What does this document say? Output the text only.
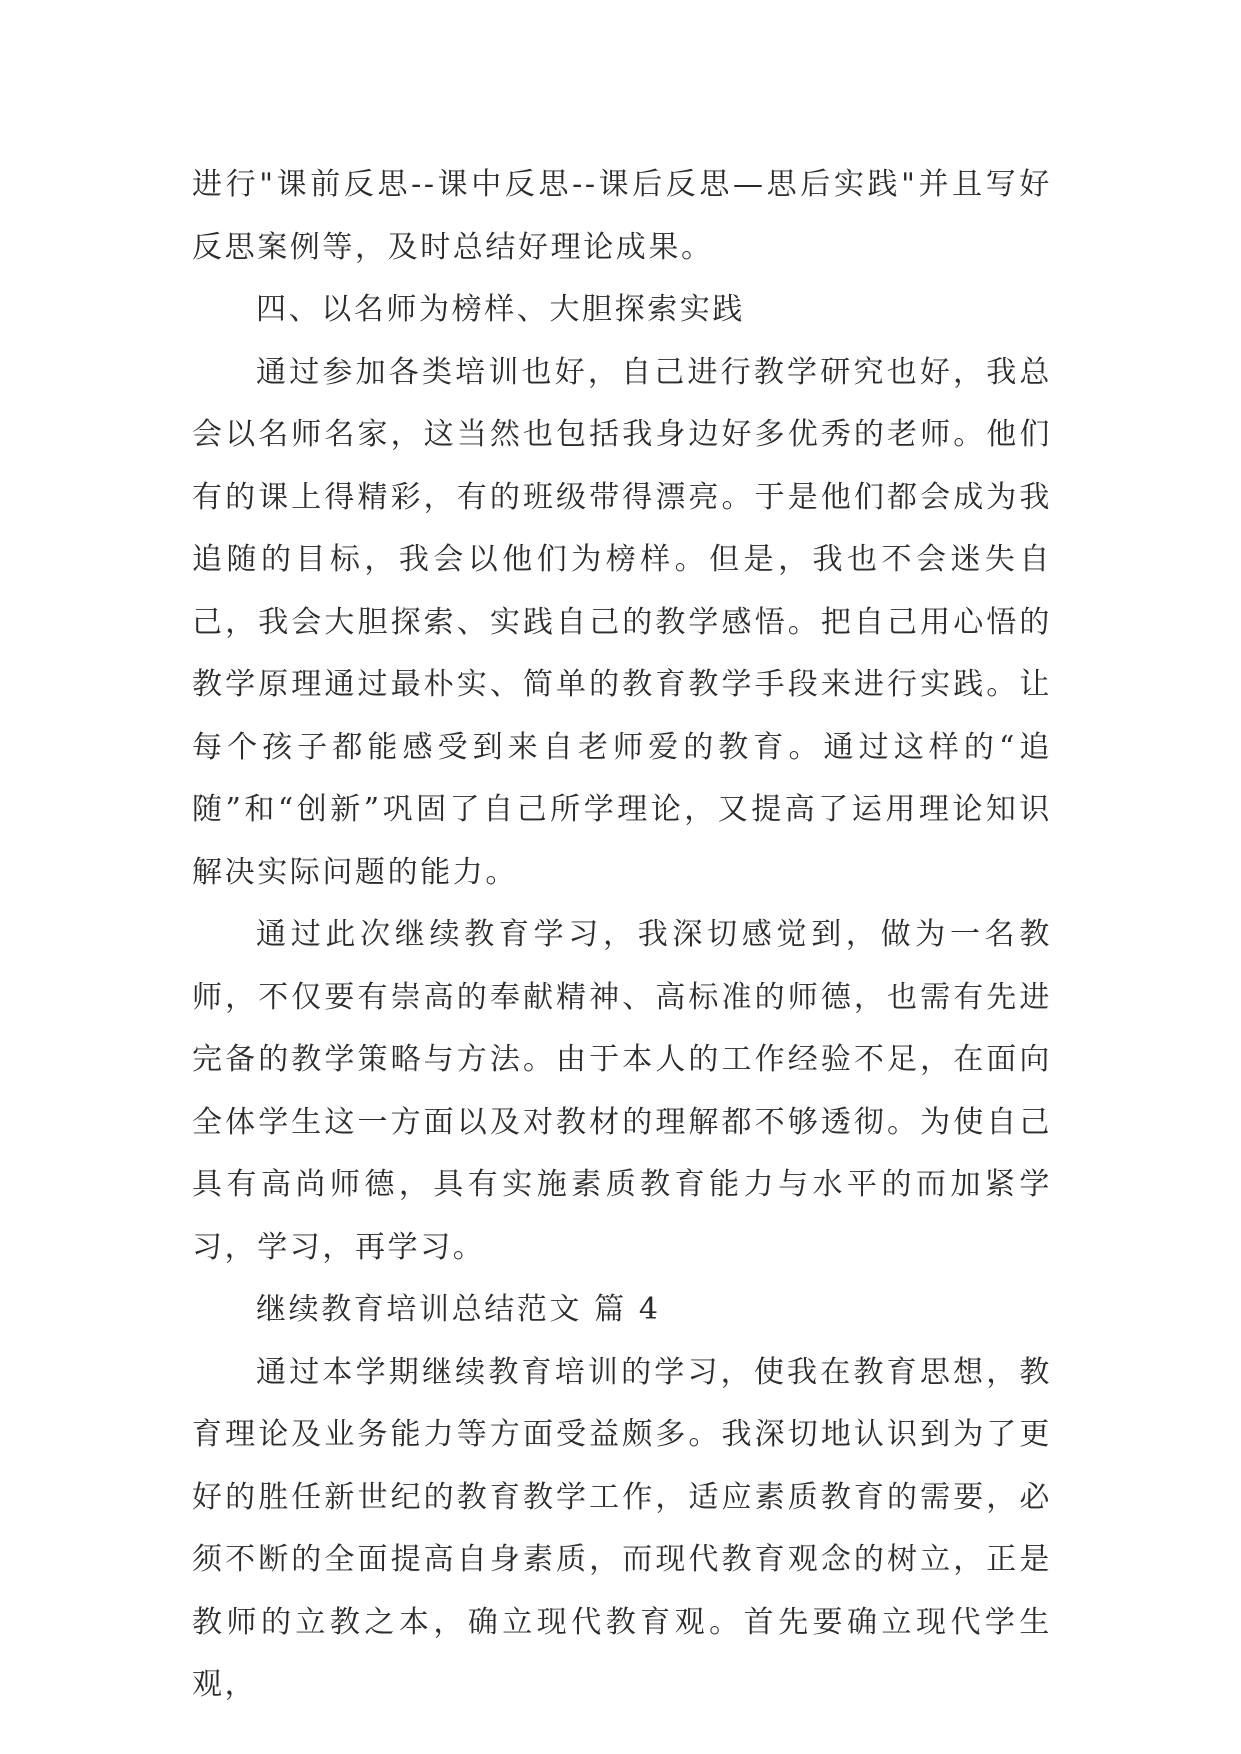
进行"课前反思--课中反思--课后反思—思后实践"并且写好反思案例等，及时总结好理论成果。

四、以名师为榜样、大胆探索实践

通过参加各类培训也好，自己进行教学研究也好，我总会以名师名家，这当然也包括我身边好多优秀的老师。他们有的课上得精彩，有的班级带得漂亮。于是他们都会成为我追随的目标，我会以他们为榜样。但是，我也不会迷失自己，我会大胆探索、实践自己的教学感悟。把自己用心悟的教学原理通过最朴实、简单的教育教学手段来进行实践。让每个孩子都能感受到来自老师爱的教育。通过这样的“追随”和“创新”巩固了自己所学理论，又提高了运用理论知识解决实际问题的能力。

通过此次继续教育学习，我深切感觉到，做为一名教师，不仅要有崇高的奉献精神、高标准的师德，也需有先进完备的教学策略与方法。由于本人的工作经验不足，在面向全体学生这一方面以及对教材的理解都不够透彻。为使自己具有高尚师德，具有实施素质教育能力与水平的而加紧学习，学习，再学习。

继续教育培训总结范文 篇 4

通过本学期继续教育培训的学习，使我在教育思想，教育理论及业务能力等方面受益颇多。我深切地认识到为了更好的胜任新世纪的教育教学工作，适应素质教育的需要，必须不断的全面提高自身素质，而现代教育观念的树立，正是教师的立教之本，确立现代教育观。首先要确立现代学生观，
